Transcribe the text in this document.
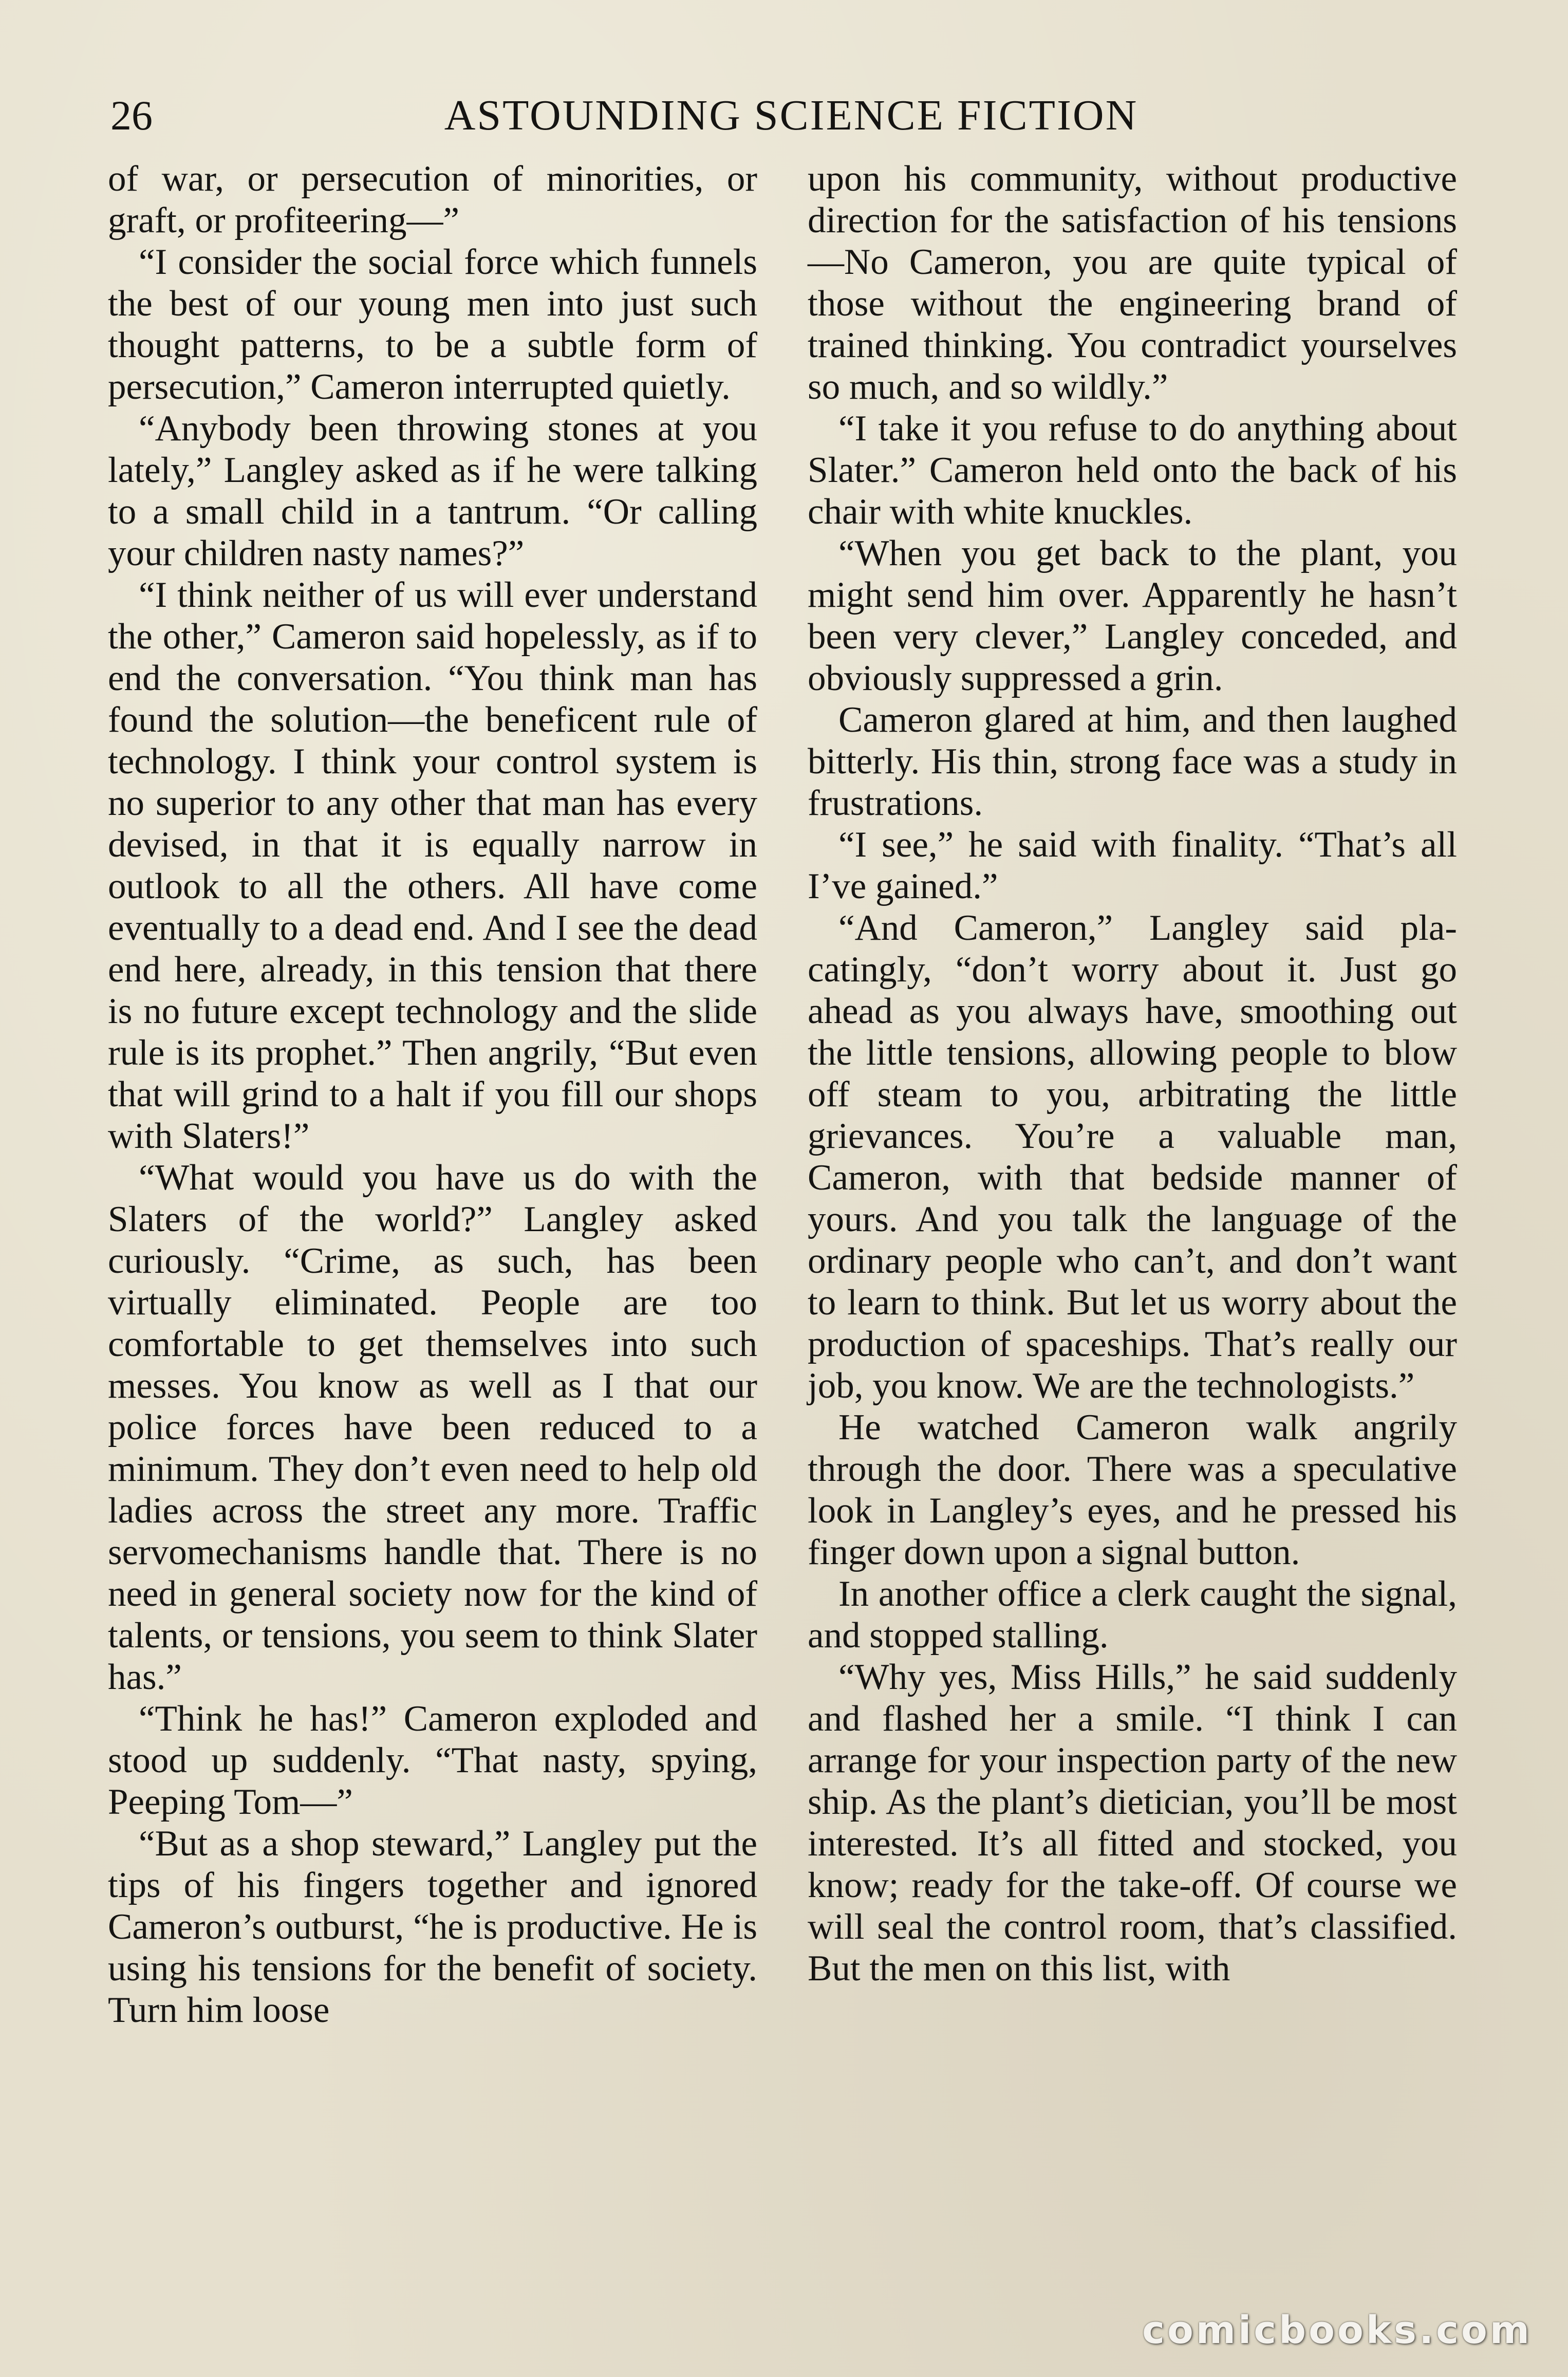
26	ASTOUNDING SCIENCE FICTION

of war, or persecution of minorities, or graft, or profiteering—”

“I consider the social force which funnels the best of our young men into just such thought patterns, to be a subtle form of persecution,” Cameron interrupted quietly.

“Anybody been throwing stones at you lately,” Langley asked as if he were talking to a small child in a tantrum. “Or calling your children nasty names?”

“I think neither of us will ever understand the other,” Cameron said hopelessly, as if to end the conversation. “You think man has found the solution—the beneficent rule of technology. I think your control system is no superior to any other that man has every devised, in that it is equally narrow in outlook to all the others. All have come eventually to a dead end. And I see the dead end here, already, in this tension that there is no future except technology and the slide rule is its prophet.” Then angrily, “But even that will grind to a halt if you fill our shops with Slaters!”

“What would you have us do with the Slaters of the world?” Langley asked curiously. “Crime, as such, has been virtually eliminated. People are too comfortable to get themselves into such messes. You know as well as I that our police forces have been reduced to a minimum. They don’t even need to help old ladies across the street any more. Traffic servomechanisms handle that. There is no need in general society now for the kind of talents, or tensions, you seem to think Slater has.”

“Think he has!” Cameron exploded and stood up suddenly. “That nasty, spying, Peeping Tom—”

“But as a shop steward,” Langley put the tips of his fingers together and ignored Cameron’s outburst, “he is productive. He is using his tensions for the benefit of society. Turn him loose

upon his community, without productive direction for the satisfaction of his tensions—No Cameron, you are quite typical of those without the engineering brand of trained thinking. You contradict yourselves so much, and so wildly.”

“I take it you refuse to do anything about Slater.” Cameron held onto the back of his chair with white knuckles.

“When you get back to the plant, you might send him over. Apparently he hasn’t been very clever,” Langley conceded, and obviously suppressed a grin.

Cameron glared at him, and then laughed bitterly. His thin, strong face was a study in frustrations.

“I see,” he said with finality. “That’s all I’ve gained.”

“And Cameron,” Langley said placatingly, “don’t worry about it. Just go ahead as you always have, smoothing out the little tensions, allowing people to blow off steam to you, arbitrating the little grievances. You’re a valuable man, Cameron, with that bedside manner of yours. And you talk the language of the ordinary people who can’t, and don’t want to learn to think. But let us worry about the production of spaceships. That’s really our job, you know. We are the technologists.”

He watched Cameron walk angrily through the door. There was a speculative look in Langley’s eyes, and he pressed his finger down upon a signal button.

In another office a clerk caught the signal, and stopped stalling.

“Why yes, Miss Hills,” he said suddenly and flashed her a smile. “I think I can arrange for your inspection party of the new ship. As the plant’s dietician, you’ll be most interested. It’s all fitted and stocked, you know; ready for the take-off. Of course we will seal the control room, that’s classified. But the men on this list, with

comicbooks.com
